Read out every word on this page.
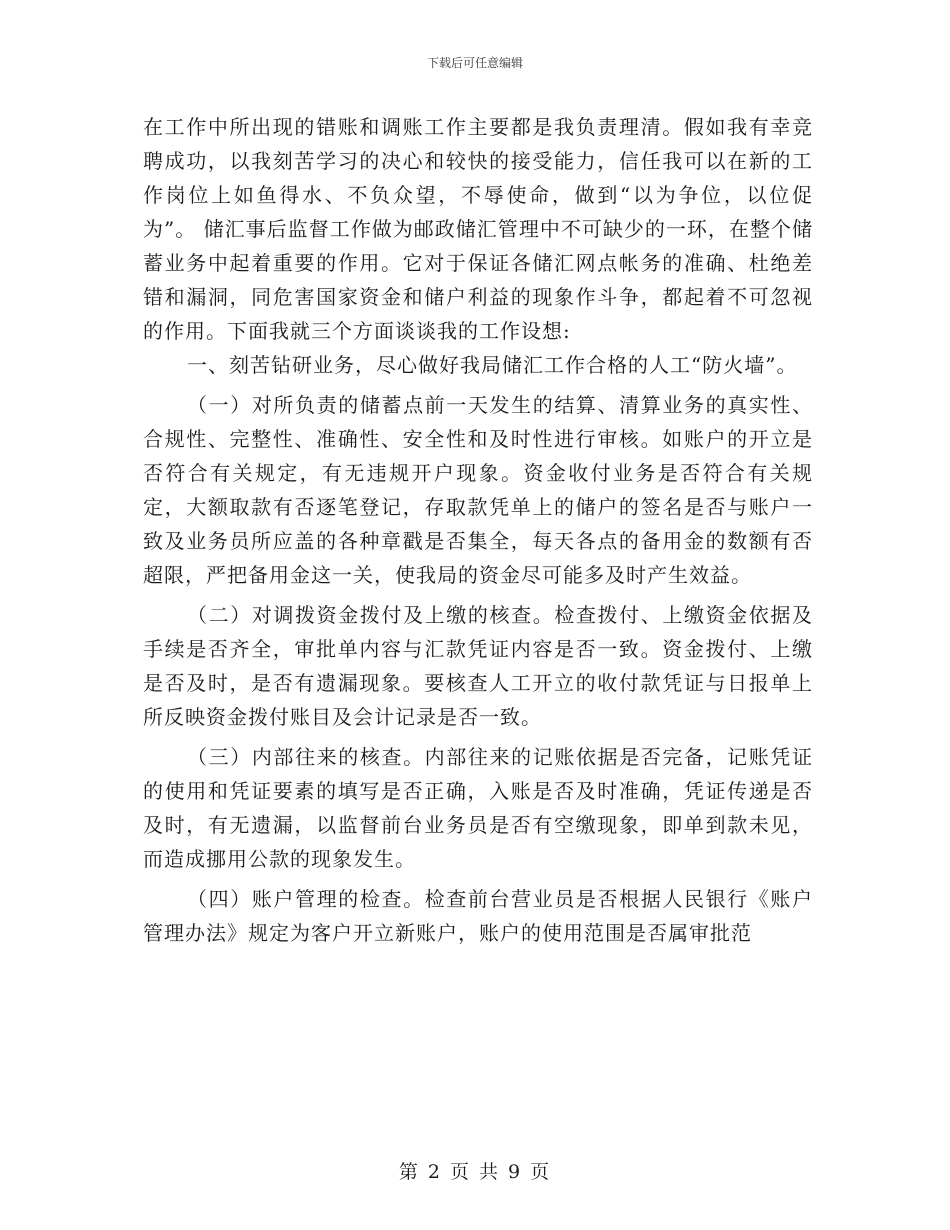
下载后可任意编辑

在工作中所出现的错账和调账工作主要都是我负责理清。假如我有幸竞聘成功，以我刻苦学习的决心和较快的接受能力，信任我可以在新的工作岗位上如鱼得水、不负众望，不辱使命，做到“以为争位，以位促为”。 储汇事后监督工作做为邮政储汇管理中不可缺少的一环，在整个储蓄业务中起着重要的作用。它对于保证各储汇网点帐务的准确、杜绝差错和漏洞，同危害国家资金和储户利益的现象作斗争，都起着不可忽视的作用。下面我就三个方面谈谈我的工作设想:

一、刻苦钻研业务，尽心做好我局储汇工作合格的人工“防火墙”。

（一）对所负责的储蓄点前一天发生的结算、清算业务的真实性、合规性、完整性、准确性、安全性和及时性进行审核。如账户的开立是否符合有关规定，有无违规开户现象。资金收付业务是否符合有关规定，大额取款有否逐笔登记，存取款凭单上的储户的签名是否与账户一致及业务员所应盖的各种章戳是否集全，每天各点的备用金的数额有否超限，严把备用金这一关，使我局的资金尽可能多及时产生效益。

（二）对调拨资金拨付及上缴的核查。检查拨付、上缴资金依据及手续是否齐全，审批单内容与汇款凭证内容是否一致。资金拨付、上缴是否及时，是否有遗漏现象。要核查人工开立的收付款凭证与日报单上所反映资金拨付账目及会计记录是否一致。

（三）内部往来的核查。内部往来的记账依据是否完备，记账凭证的使用和凭证要素的填写是否正确，入账是否及时准确，凭证传递是否及时，有无遗漏，以监督前台业务员是否有空缴现象，即单到款未见，而造成挪用公款的现象发生。

（四）账户管理的检查。检查前台营业员是否根据人民银行《账户管理办法》规定为客户开立新账户，账户的使用范围是否属审批范

第 2 页 共 9 页
